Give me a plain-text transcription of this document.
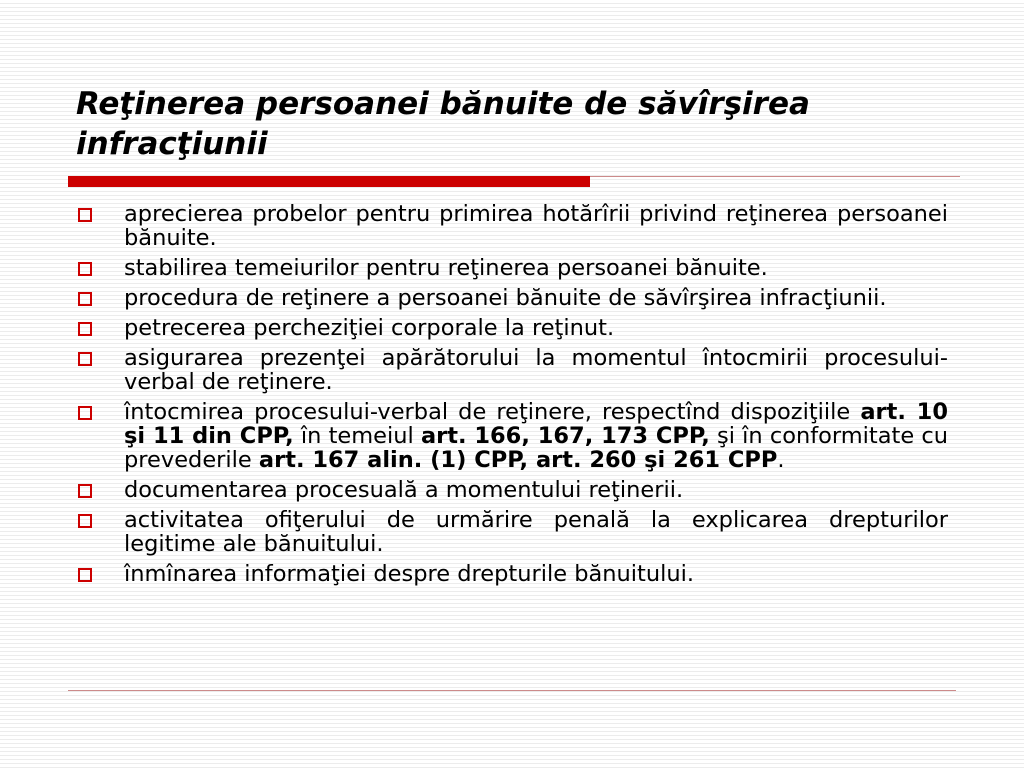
Reţinerea persoanei bănuite de săvîrşirea infracţiunii
aprecierea probelor pentru primirea hotărîrii privind reţinerea persoanei bănuite.
stabilirea temeiurilor pentru reţinerea persoanei bănuite.
procedura de reţinere a persoanei bănuite de săvîrşirea infracţiunii.
petrecerea percheziţiei corporale la reţinut.
asigurarea prezenţei apărătorului la momentul întocmirii procesului-verbal de reţinere.
întocmirea procesului-verbal de reţinere, respectînd dispoziţiile art. 10 şi 11 din CPP, în temeiul art. 166, 167, 173 CPP, şi în conformitate cu prevederile art. 167 alin. (1) CPP, art. 260 şi 261 CPP.
documentarea procesuală a momentului reţinerii.
activitatea ofiţerului de urmărire penală la explicarea drepturilor legitime ale bănuitului.
înmînarea informaţiei despre drepturile bănuitului.
